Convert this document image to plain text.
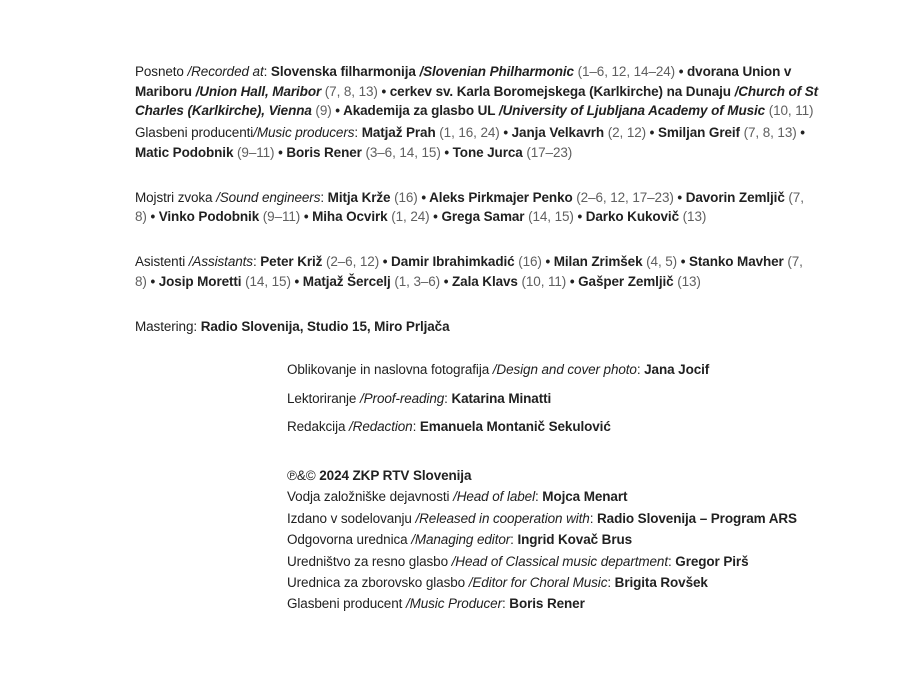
Posneto /Recorded at: Slovenska filharmonija /Slovenian Philharmonic (1–6, 12, 14–24) • dvorana Union v
Mariboru /Union Hall, Maribor (7, 8, 13) • cerkev sv. Karla Boromejskega (Karlkirche) na Dunaju /Church of St
Charles (Karlkirche), Vienna (9) • Akademija za glasbo UL /University of Ljubljana Academy of Music (10, 11)
Glasbeni producenti/Music producers: Matjaž Prah (1, 16, 24) • Janja Velkavrh (2, 12) • Smiljan Greif (7, 8, 13) •
Matic Podobnik (9–11) • Boris Rener (3–6, 14, 15) • Tone Jurca (17–23)
Mojstri zvoka /Sound engineers: Mitja Krže (16) • Aleks Pirkmajer Penko (2–6, 12, 17–23) • Davorin Zemljič (7,
8) • Vinko Podobnik (9–11) • Miha Ocvirk (1, 24) • Grega Samar (14, 15) • Darko Kukovič (13)
Asistenti /Assistants: Peter Križ (2–6, 12) • Damir Ibrahimkadić (16) • Milan Zrimšek (4, 5) • Stanko Mavher (7,
8) • Josip Moretti (14, 15) • Matjaž Šercelj (1, 3–6) • Zala Klavs (10, 11) • Gašper Zemljič (13)
Mastering: Radio Slovenija, Studio 15, Miro Prljača
Oblikovanje in naslovna fotografija /Design and cover photo: Jana Jocif
Lektoriranje /Proof-reading: Katarina Minatti
Redakcija /Redaction: Emanuela Montanič Sekulović
℗&© 2024 ZKP RTV Slovenija
Vodja založniške dejavnosti /Head of label: Mojca Menart
Izdano v sodelovanju /Released in cooperation with: Radio Slovenija – Program ARS
Odgovorna urednica /Managing editor: Ingrid Kovač Brus
Uredništvo za resno glasbo /Head of Classical music department: Gregor Pirš
Urednica za zborovsko glasbo /Editor for Choral Music: Brigita Rovšek
Glasbeni producent /Music Producer: Boris Rener
